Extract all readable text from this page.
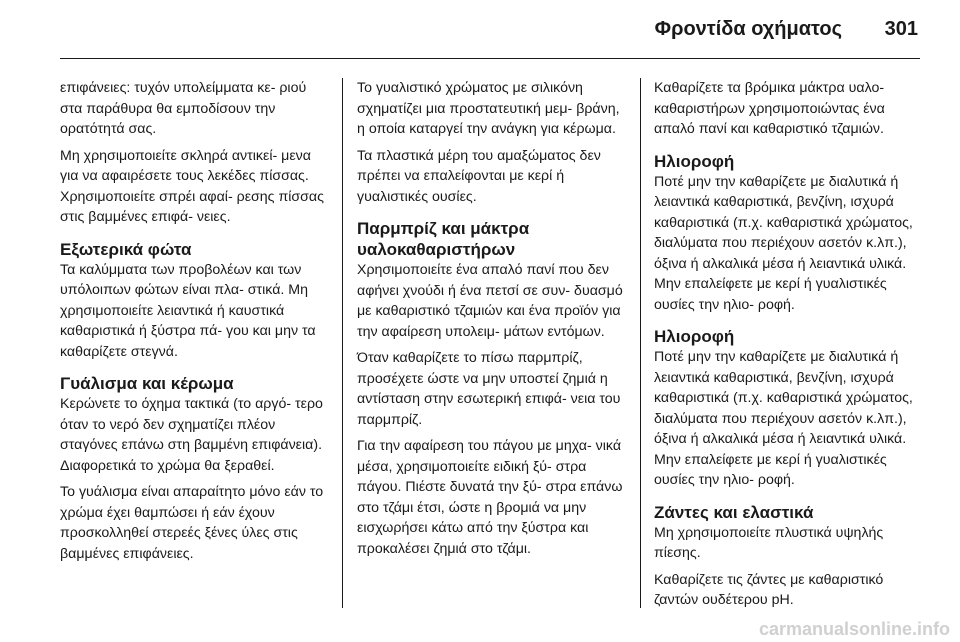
Φροντίδα οχήματος 301

επιφάνειες: τυχόν υπολείμματα κε- ριού στα παράθυρα θα εμποδίσουν την ορατότητά σας.

Μη χρησιμοποιείτε σκληρά αντικεί- μενα για να αφαιρέσετε τους λεκέδες πίσσας. Χρησιμοποιείτε σπρέι αφαί- ρεσης πίσσας στις βαμμένες επιφά- νειες.

Εξωτερικά φώτα

Τα καλύμματα των προβολέων και των υπόλοιπων φώτων είναι πλα- στικά. Μη χρησιμοποιείτε λειαντικά ή καυστικά καθαριστικά ή ξύστρα πά- γου και μην τα καθαρίζετε στεγνά.

Γυάλισμα και κέρωμα

Κερώνετε το όχημα τακτικά (το αργό- τερο όταν το νερό δεν σχηματίζει πλέον σταγόνες επάνω στη βαμμένη επιφάνεια). Διαφορετικά το χρώμα θα ξεραθεί.

Το γυάλισμα είναι απαραίτητο μόνο εάν το χρώμα έχει θαμπώσει ή εάν έχουν προσκολληθεί στερεές ξένες ύλες στις βαμμένες επιφάνειες.

Το γυαλιστικό χρώματος με σιλικόνη σχηματίζει μια προστατευτική μεμ- βράνη, η οποία καταργεί την ανάγκη για κέρωμα.

Τα πλαστικά μέρη του αμαξώματος δεν πρέπει να επαλείφονται με κερί ή γυαλιστικές ουσίες.

Παρμπρίζ και μάκτρα υαλοκαθαριστήρων

Χρησιμοποιείτε ένα απαλό πανί που δεν αφήνει χνούδι ή ένα πετσί σε συν- δυασμό με καθαριστικό τζαμιών και ένα προϊόν για την αφαίρεση υπολειμ- μάτων εντόμων.

Όταν καθαρίζετε το πίσω παρμπρίζ, προσέχετε ώστε να μην υποστεί ζημιά η αντίσταση στην εσωτερική επιφά- νεια του παρμπρίζ.

Για την αφαίρεση του πάγου με μηχα- νικά μέσα, χρησιμοποιείτε ειδική ξύ- στρα πάγου. Πιέστε δυνατά την ξύ- στρα επάνω στο τζάμι έτσι, ώστε η βρομιά να μην εισχωρήσει κάτω από την ξύστρα και προκαλέσει ζημιά στο τζάμι.

Καθαρίζετε τα βρόμικα μάκτρα υαλο- καθαριστήρων χρησιμοποιώντας ένα απαλό πανί και καθαριστικό τζαμιών.

Ηλιοροφή

Ποτέ μην την καθαρίζετε με διαλυτικά ή λειαντικά καθαριστικά, βενζίνη, ισχυρά καθαριστικά (π.χ. καθαριστικά χρώματος, διαλύματα που περιέχουν ασετόν κ.λπ.), όξινα ή αλκαλικά μέσα ή λειαντικά υλικά. Μην επαλείφετε με κερί ή γυαλιστικές ουσίες την ηλιο- ροφή.

Ηλιοροφή

Ποτέ μην την καθαρίζετε με διαλυτικά ή λειαντικά καθαριστικά, βενζίνη, ισχυρά καθαριστικά (π.χ. καθαριστικά χρώματος, διαλύματα που περιέχουν ασετόν κ.λπ.), όξινα ή αλκαλικά μέσα ή λειαντικά υλικά. Μην επαλείφετε με κερί ή γυαλιστικές ουσίες την ηλιο- ροφή.

Ζάντες και ελαστικά

Μη χρησιμοποιείτε πλυστικά υψηλής πίεσης.

Καθαρίζετε τις ζάντες με καθαριστικό ζαντών ουδέτερου pH.

carmanualsonline.info
